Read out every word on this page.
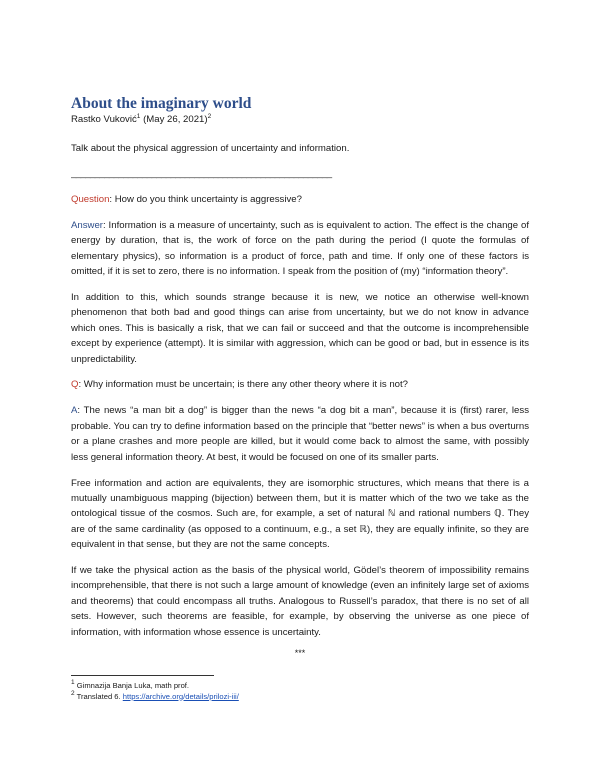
About the imaginary world
Rastko Vuković$^1$ (May 26, 2021)$^2$

Talk about the physical aggression of uncertainty and information.

_______________________________________________________

Question: How do you think uncertainty is aggressive?

Answer: Information is a measure of uncertainty, such as is equivalent to action. The effect is the change of energy by duration, that is, the work of force on the path during the period (I quote the formulas of elementary physics), so information is a product of force, path and time. If only one of these factors is omitted, if it is set to zero, there is no information. I speak from the position of (my) “information theory”.

In addition to this, which sounds strange because it is new, we notice an otherwise well-known phenomenon that both bad and good things can arise from uncertainty, but we do not know in advance which ones. This is basically a risk, that we can fail or succeed and that the outcome is incomprehensible except by experience (attempt). It is similar with aggression, which can be good or bad, but in essence is its unpredictability.

Q: Why information must be uncertain; is there any other theory where it is not?

A: The news “a man bit a dog” is bigger than the news “a dog bit a man”, because it is (first) rarer, less probable. You can try to define information based on the principle that “better news” is when a bus overturns or a plane crashes and more people are killed, but it would come back to almost the same, with possibly less general information theory. At best, it would be focused on one of its smaller parts.

Free information and action are equivalents, they are isomorphic structures, which means that there is a mutually unambiguous mapping (bijection) between them, but it is matter which of the two we take as the ontological tissue of the cosmos. Such are, for example, a set of natural ℕ and rational numbers ℚ. They are of the same cardinality (as opposed to a continuum, e.g., a set ℝ), they are equally infinite, so they are equivalent in that sense, but they are not the same concepts.

If we take the physical action as the basis of the physical world, Gödel’s theorem of impossibility remains incomprehensible, that there is not such a large amount of knowledge (even an infinitely large set of axioms and theorems) that could encompass all truths. Analogous to Russell’s paradox, that there is no set of all sets. However, such theorems are feasible, for example, by observing the universe as one piece of information, with information whose essence is uncertainty.

***

$^1$ Gimnazija Banja Luka, math prof.

$^2$ Translated 6. https://archive.org/details/prilozi-iii/
